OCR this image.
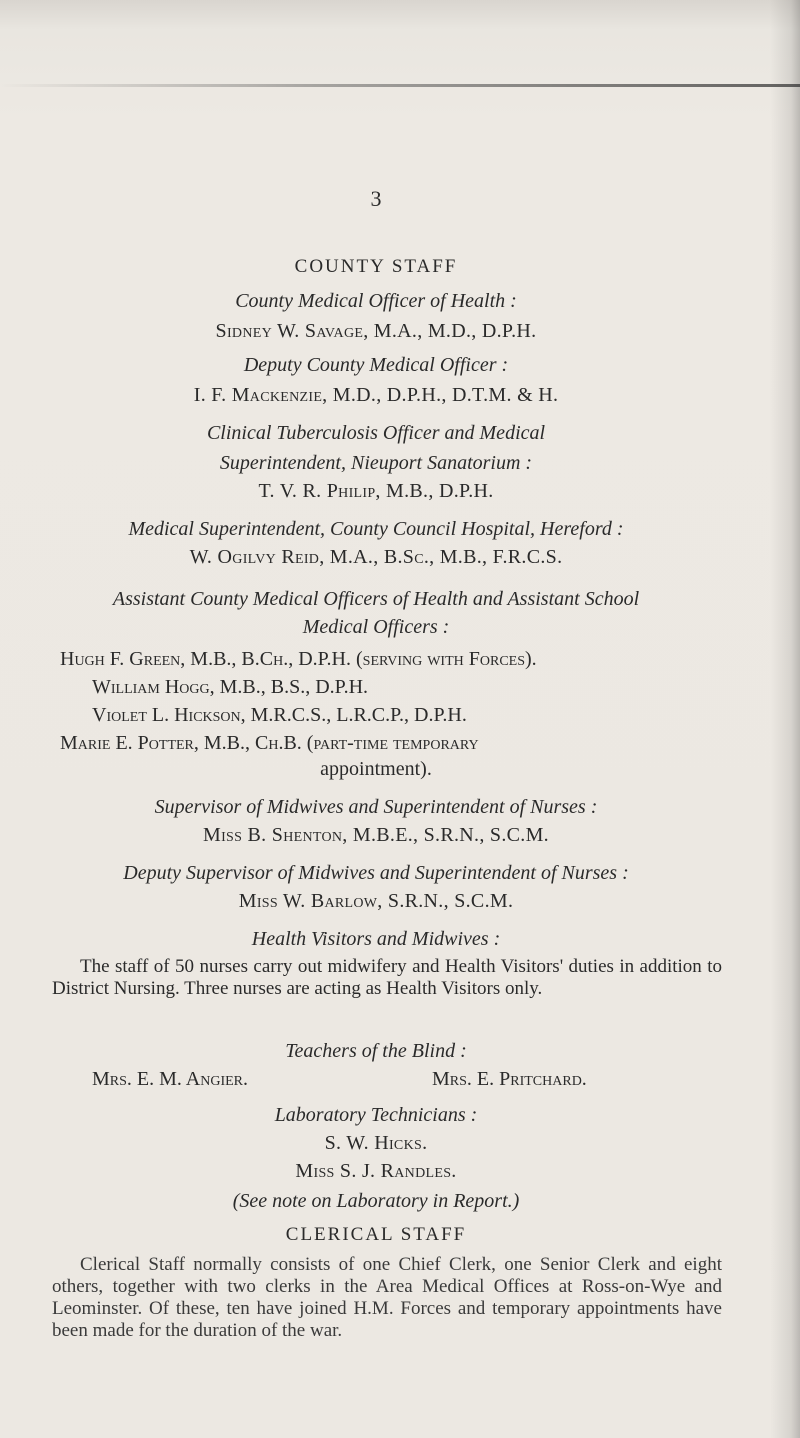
3
COUNTY STAFF
County Medical Officer of Health :
Sidney W. Savage, M.A., M.D., D.P.H.
Deputy County Medical Officer :
I. F. Mackenzie, M.D., D.P.H., D.T.M. & H.
Clinical Tuberculosis Officer and Medical
Superintendent, Nieuport Sanatorium :
T. V. R. Philip, M.B., D.P.H.
Medical Superintendent, County Council Hospital, Hereford :
W. Ogilvy Reid, M.A., B.Sc., M.B., F.R.C.S.
Assistant County Medical Officers of Health and Assistant School
Medical Officers :
Hugh F. Green, M.B., B.Ch., D.P.H. (serving with Forces).
William Hogg, M.B., B.S., D.P.H.
Violet L. Hickson, M.R.C.S., L.R.C.P., D.P.H.
Marie E. Potter, M.B., Ch.B. (part-time temporary
appointment).
Supervisor of Midwives and Superintendent of Nurses :
Miss B. Shenton, M.B.E., S.R.N., S.C.M.
Deputy Supervisor of Midwives and Superintendent of Nurses :
Miss W. Barlow, S.R.N., S.C.M.
Health Visitors and Midwives :
The staff of 50 nurses carry out midwifery and Health Visitors' duties in addition to District Nursing. Three nurses are acting as Health Visitors only.
Teachers of the Blind :
Mrs. E. M. Angier.	Mrs. E. Pritchard.
Laboratory Technicians :
S. W. Hicks.
Miss S. J. Randles.
(See note on Laboratory in Report.)
CLERICAL STAFF
Clerical Staff normally consists of one Chief Clerk, one Senior Clerk and eight others, together with two clerks in the Area Medical Offices at Ross-on-Wye and Leominster. Of these, ten have joined H.M. Forces and temporary appointments have been made for the duration of the war.
